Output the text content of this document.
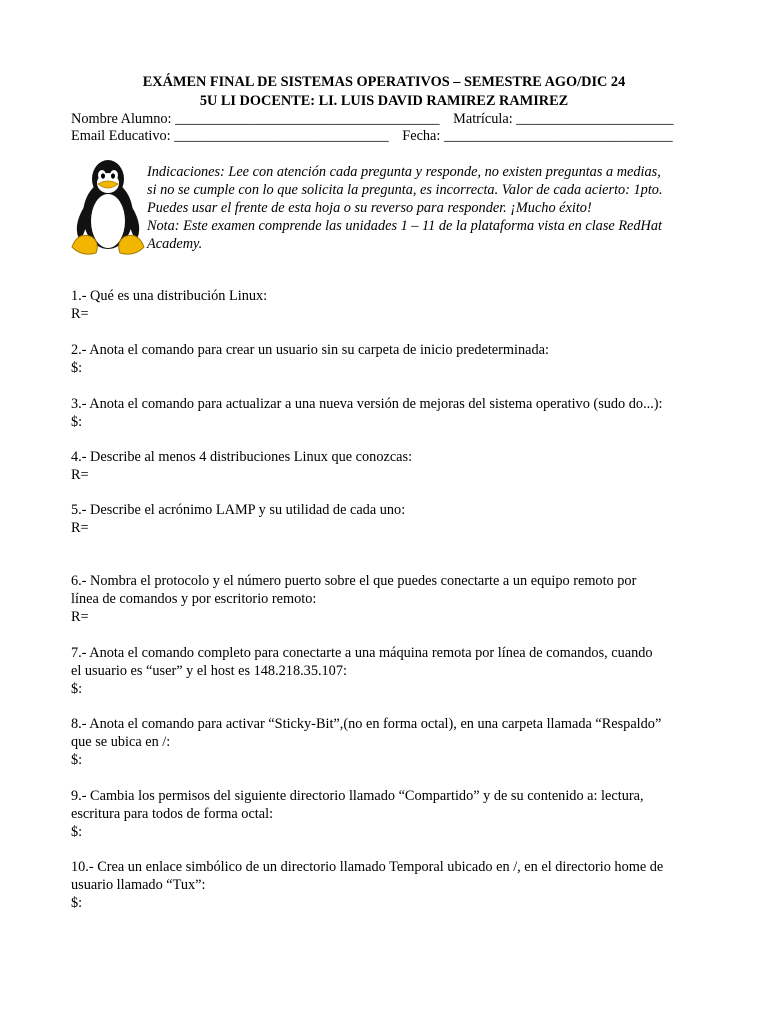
EXÁMEN FINAL DE SISTEMAS OPERATIVOS – SEMESTRE AGO/DIC 24
5U LI DOCENTE: LI. LUIS DAVID RAMIREZ RAMIREZ
Nombre Alumno: _____________________________________ Matrícula: ______________________
Email Educativo: ______________________________ Fecha: ________________________________
Indicaciones: Lee con atención cada pregunta y responde, no existen preguntas a medias,
si no se cumple con lo que solicita la pregunta, es incorrecta. Valor de cada acierto: 1pto.
Puedes usar el frente de esta hoja o su reverso para responder. ¡Mucho éxito!
Nota: Este examen comprende las unidades 1 – 11 de la plataforma vista en clase RedHat
Academy.

1.- Qué es una distribución Linux:

R=

2.- Anota el comando para crear un usuario sin su carpeta de inicio predeterminada:

$:

3.- Anota el comando para actualizar a una nueva versión de mejoras del sistema operativo (sudo do...):

$:

4.- Describe al menos 4 distribuciones Linux que conozcas:

R=

5.- Describe el acrónimo LAMP y su utilidad de cada uno:

R=

6.- Nombra el protocolo y el número puerto sobre el que puedes conectarte a un equipo remoto por

línea de comandos y por escritorio remoto:

R=

7.- Anota el comando completo para conectarte a una máquina remota por línea de comandos, cuando

el usuario es “user” y el host es 148.218.35.107:

$:

8.- Anota el comando para activar “Sticky-Bit”,(no en forma octal), en una carpeta llamada “Respaldo”

que se ubica en /:

$:

9.- Cambia los permisos del siguiente directorio llamado “Compartido” y de su contenido a: lectura,

escritura para todos de forma octal:

$:

10.- Crea un enlace simbólico de un directorio llamado Temporal ubicado en /, en el directorio home de

usuario llamado “Tux”:

$:
